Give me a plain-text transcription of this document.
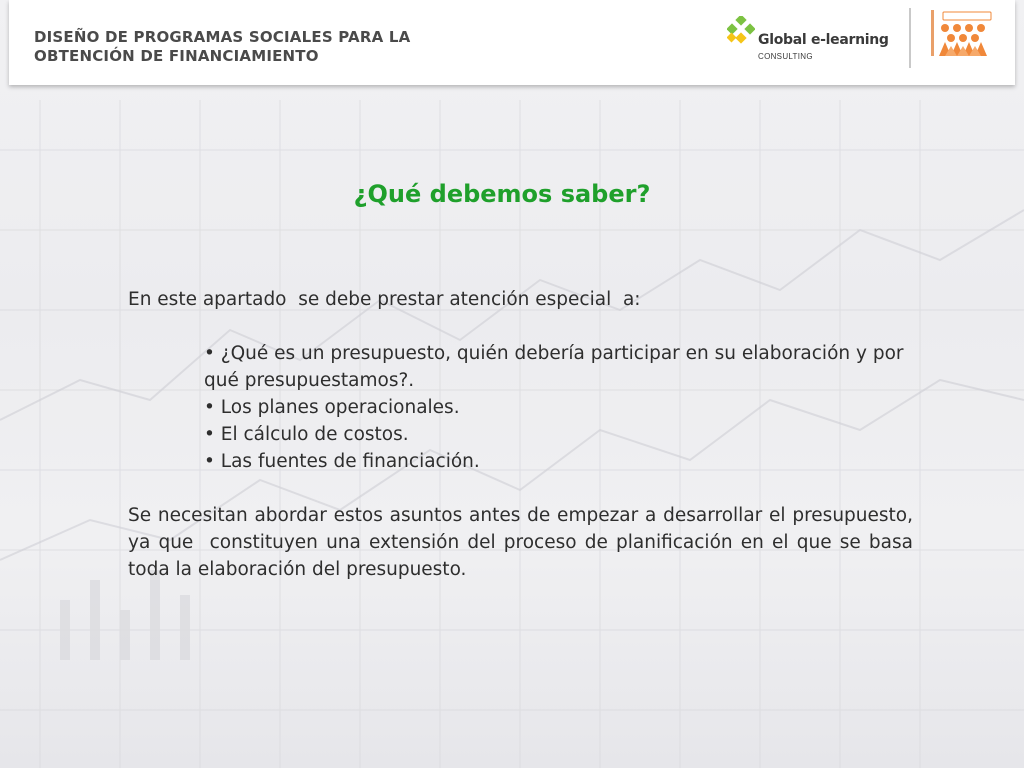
DISEÑO DE PROGRAMAS SOCIALES PARA LA
OBTENCIÓN DE FINANCIAMIENTO
Global e-learning
CONSULTING
¿Qué debemos saber?

En este apartado  se debe prestar atención especial  a:

• ¿Qué es un presupuesto, quién debería participar en su elaboración y por qué presupuestamos?.
• Los planes operacionales.
• El cálculo de costos.
• Las fuentes de financiación.

Se necesitan abordar estos asuntos antes de empezar a desarrollar el presupuesto, ya que  constituyen una extensión del proceso de planificación en el que se basa toda la elaboración del presupuesto.
